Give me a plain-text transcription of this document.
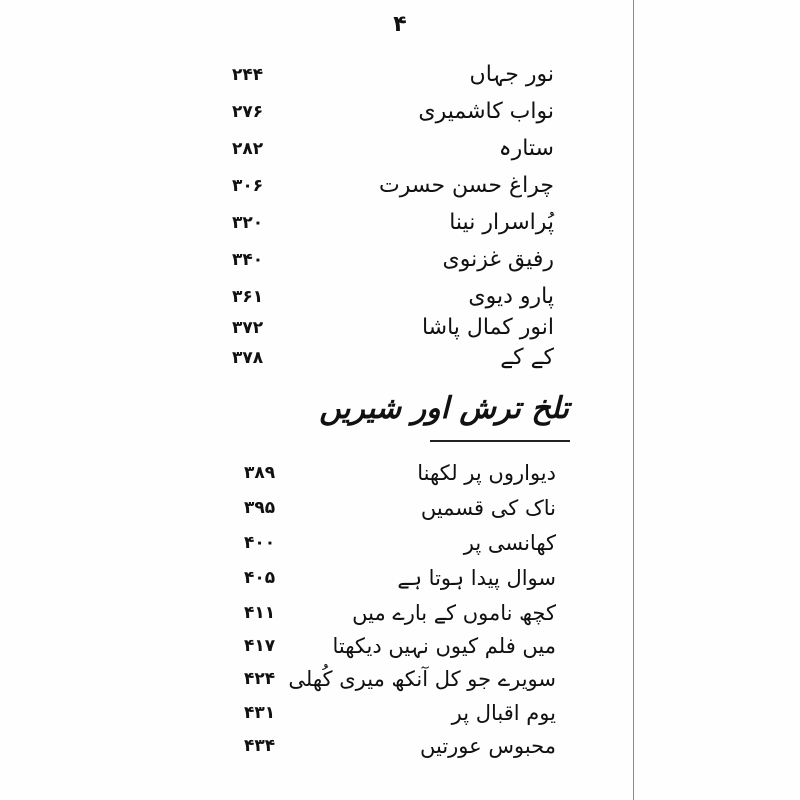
۴
نور جہاں
۲۴۴
نواب کاشمیری
۲۷۶
ستارہ
۲۸۲
چراغ حسن حسرت
۳۰۶
پُراسرار نینا
۳۲۰
رفیق غزنوی
۳۴۰
پارو دیوی
۳۶۱
انور کمال پاشا
۳۷۲
کے کے
۳۷۸
تلخ ترش اور شیریں
دیواروں پر لکھنا
۳۸۹
ناک کی قسمیں
۳۹۵
کھانسی پر
۴۰۰
سوال پیدا ہوتا ہے
۴۰۵
کچھ ناموں کے بارے میں
۴۱۱
میں فلم کیوں نہیں دیکھتا
۴۱۷
سویرے جو کل آنکھ میری کُھلی
۴۲۴
یوم اقبال پر
۴۳۱
محبوس عورتیں
۴۳۴
